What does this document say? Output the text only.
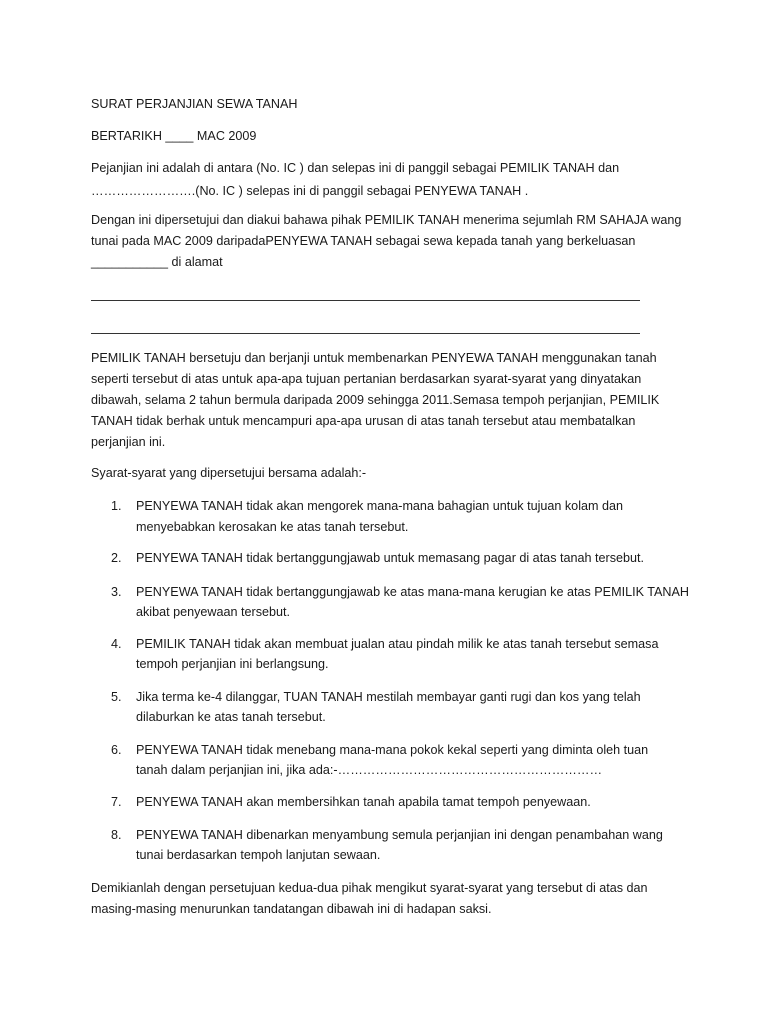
SURAT PERJANJIAN SEWA TANAH
BERTARIKH ____ MAC 2009
Pejanjian ini adalah di antara (No. IC ) dan selepas ini di panggil sebagai PEMILIK TANAH dan
…………………….(No. IC ) selepas ini di panggil sebagai PENYEWA TANAH .
Dengan ini dipersetujui dan diakui bahawa pihak PEMILIK TANAH menerima sejumlah RM SAHAJA wang
tunai pada MAC 2009 daripadaPENYEWA TANAH sebagai sewa kepada tanah yang berkeluasan
___________ di alamat
PEMILIK TANAH bersetuju dan berjanji untuk membenarkan PENYEWA TANAH menggunakan tanah
seperti tersebut di atas untuk apa-apa tujuan pertanian berdasarkan syarat-syarat yang dinyatakan
dibawah, selama 2 tahun bermula daripada 2009 sehingga 2011.Semasa tempoh perjanjian, PEMILIK
TANAH tidak berhak untuk mencampuri apa-apa urusan di atas tanah tersebut atau membatalkan
perjanjian ini.
Syarat-syarat yang dipersetujui bersama adalah:-
1. PENYEWA TANAH tidak akan mengorek mana-mana bahagian untuk tujuan kolam dan
menyebabkan kerosakan ke atas tanah tersebut.
2. PENYEWA TANAH tidak bertanggungjawab untuk memasang pagar di atas tanah tersebut.
3. PENYEWA TANAH tidak bertanggungjawab ke atas mana-mana kerugian ke atas PEMILIK TANAH
akibat penyewaan tersebut.
4. PEMILIK TANAH tidak akan membuat jualan atau pindah milik ke atas tanah tersebut semasa
tempoh perjanjian ini berlangsung.
5. Jika terma ke-4 dilanggar, TUAN TANAH mestilah membayar ganti rugi dan kos yang telah
dilaburkan ke atas tanah tersebut.
6. PENYEWA TANAH tidak menebang mana-mana pokok kekal seperti yang diminta oleh tuan
tanah dalam perjanjian ini, jika ada:-………………………………………………………
7. PENYEWA TANAH akan membersihkan tanah apabila tamat tempoh penyewaan.
8. PENYEWA TANAH dibenarkan menyambung semula perjanjian ini dengan penambahan wang
tunai berdasarkan tempoh lanjutan sewaan.
Demikianlah dengan persetujuan kedua-dua pihak mengikut syarat-syarat yang tersebut di atas dan
masing-masing menurunkan tandatangan dibawah ini di hadapan saksi.
